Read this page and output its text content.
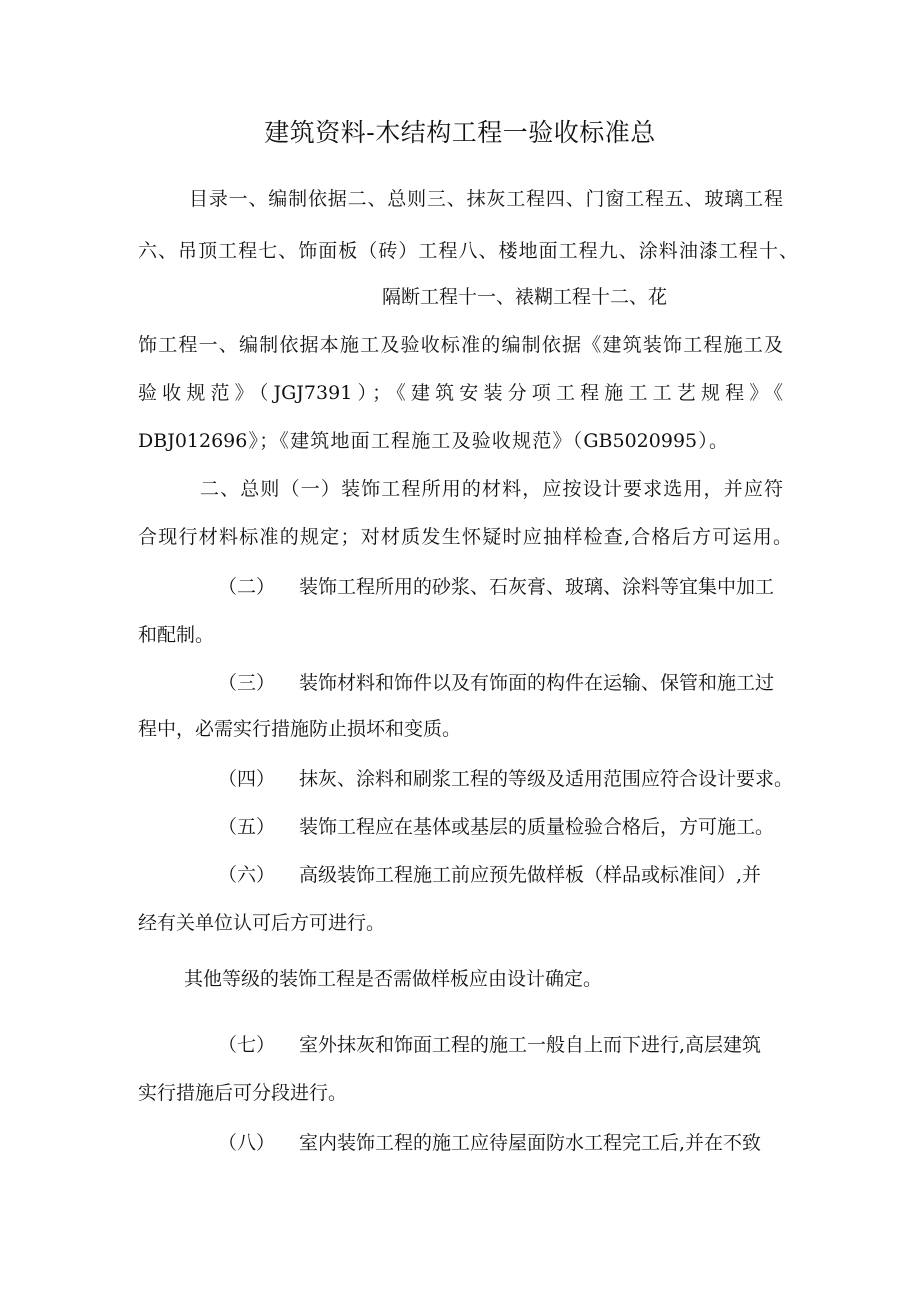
建筑资料-木结构工程一验收标准总
目录一、编制依据二、总则三、抹灰工程四、门窗工程五、玻璃工程
六、吊顶工程七、饰面板（砖）工程八、楼地面工程九、涂料油漆工程十、
隔断工程十一、裱糊工程十二、花
饰工程一、编制依据本施工及验收标准的编制依据《建筑装饰工程施工及
验收规范》（JGJ7391）；《建筑安装分项工程施工工艺规程》《
DBJ012696》；《建筑地面工程施工及验收规范》（GB5020995）。
二、总则（一）装饰工程所用的材料，应按设计要求选用，并应符
合现行材料标准的规定；对材质发生怀疑时应抽样检查,合格后方可运用。
（二） 装饰工程所用的砂浆、石灰膏、玻璃、涂料等宜集中加工
和配制。
（三） 装饰材料和饰件以及有饰面的构件在运输、保管和施工过
程中，必需实行措施防止损坏和变质。
（四） 抹灰、涂料和刷浆工程的等级及适用范围应符合设计要求。
（五） 装饰工程应在基体或基层的质量检验合格后，方可施工。
（六） 高级装饰工程施工前应预先做样板（样品或标准间）,并
经有关单位认可后方可进行。
其他等级的装饰工程是否需做样板应由设计确定。
（七） 室外抹灰和饰面工程的施工一般自上而下进行,高层建筑
实行措施后可分段进行。
（八） 室内装饰工程的施工应待屋面防水工程完工后,并在不致
